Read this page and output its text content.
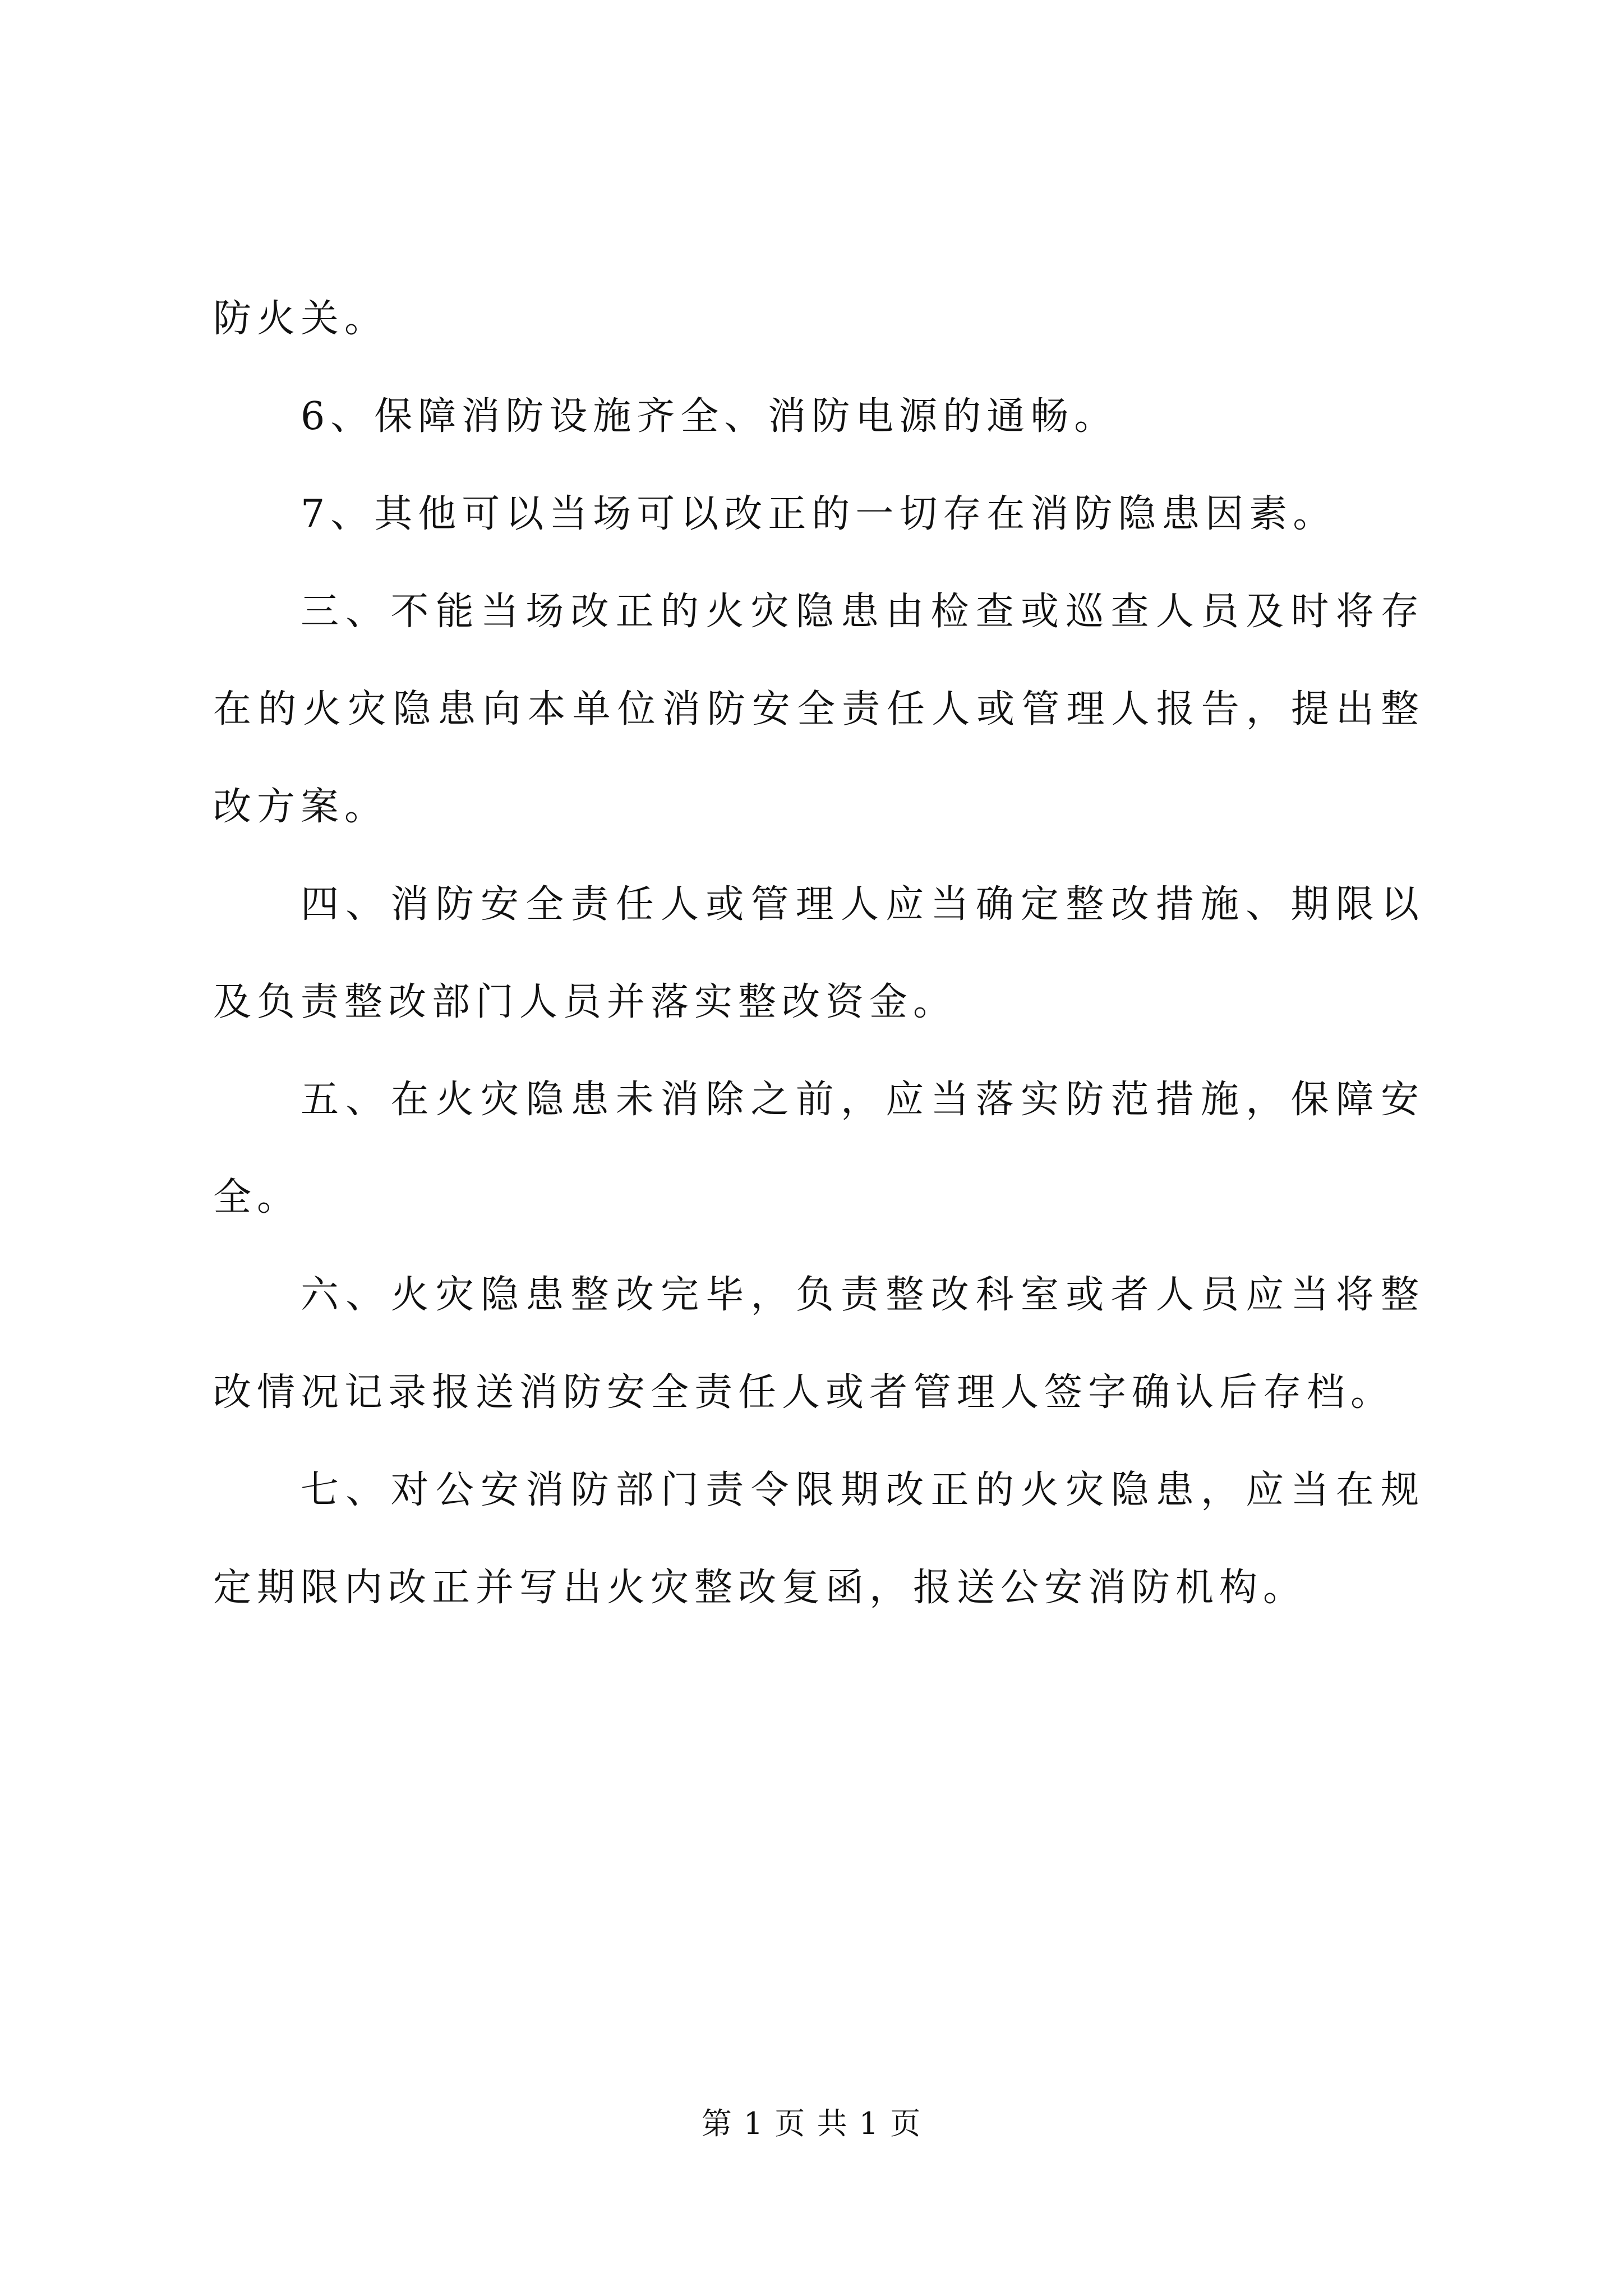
防火关。

6、保障消防设施齐全、消防电源的通畅。

7、其他可以当场可以改正的一切存在消防隐患因素。

三、不能当场改正的火灾隐患由检查或巡查人员及时将存在的火灾隐患向本单位消防安全责任人或管理人报告，提出整改方案。

四、消防安全责任人或管理人应当确定整改措施、期限以及负责整改部门人员并落实整改资金。

五、在火灾隐患未消除之前，应当落实防范措施，保障安全。

六、火灾隐患整改完毕，负责整改科室或者人员应当将整改情况记录报送消防安全责任人或者管理人签字确认后存档。

七、对公安消防部门责令限期改正的火灾隐患，应当在规定期限内改正并写出火灾整改复函，报送公安消防机构。

第 1 页 共 1 页
